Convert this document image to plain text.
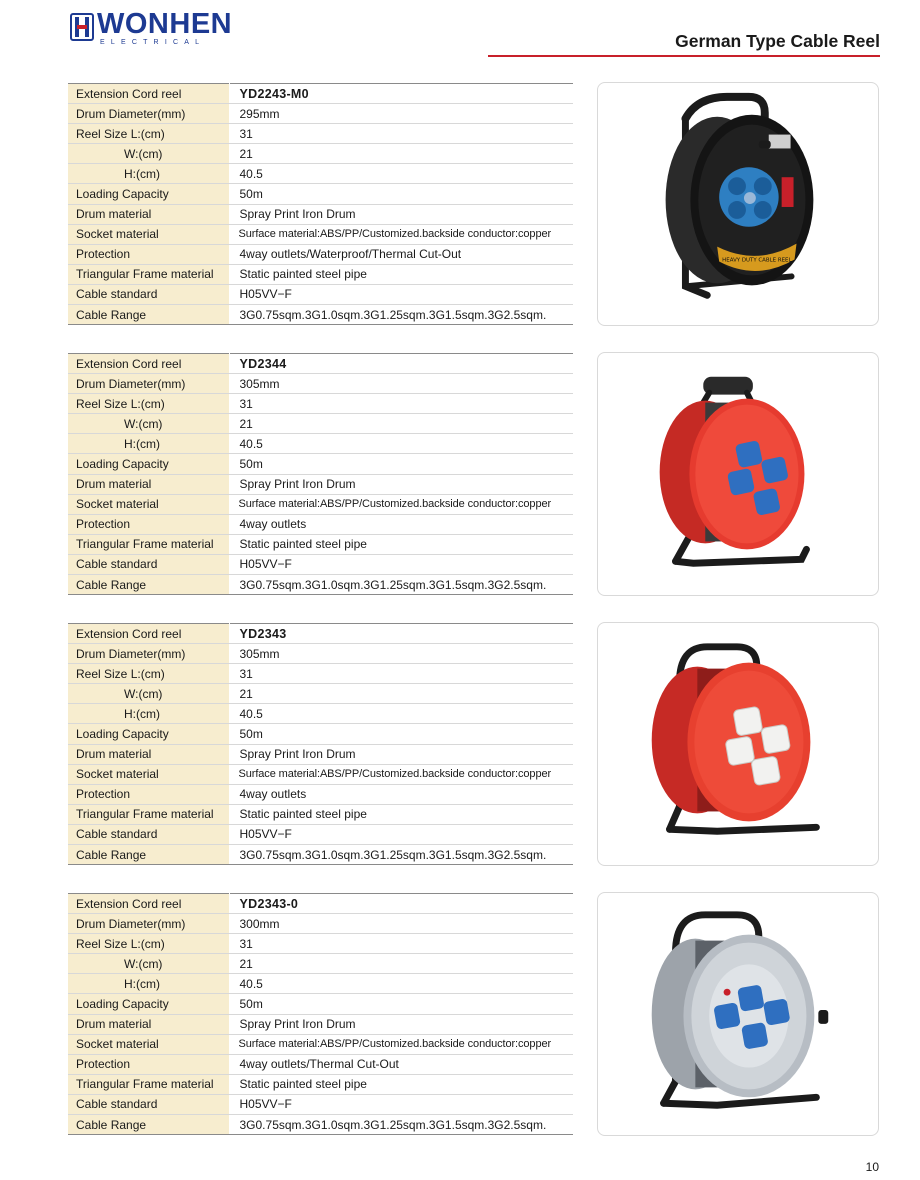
WONHEN
ELECTRICAL	German Type Cable Reel
Extension Cord reel	YD2243-M0
Drum Diameter(mm)	295mm
Reel Size L:(cm)	31
W:(cm)	21
H:(cm)	40.5
Loading Capacity	50m
Drum material	Spray Print Iron Drum
Socket material	Surface material:ABS/PP/Customized.backside conductor:copper
Protection	4way outlets/Waterproof/Thermal Cut-Out
Triangular Frame material	Static painted steel pipe
Cable standard	H05VV−F
Cable Range	3G0.75sqm.3G1.0sqm.3G1.25sqm.3G1.5sqm.3G2.5sqm.
HEAVY DUTY CABLE REEL
Extension Cord reel	YD2344
Drum Diameter(mm)	305mm
Reel Size L:(cm)	31
W:(cm)	21
H:(cm)	40.5
Loading Capacity	50m
Drum material	Spray Print Iron Drum
Socket material	Surface material:ABS/PP/Customized.backside conductor:copper
Protection	4way outlets
Triangular Frame material	Static painted steel pipe
Cable standard	H05VV−F
Cable Range	3G0.75sqm.3G1.0sqm.3G1.25sqm.3G1.5sqm.3G2.5sqm.
Extension Cord reel	YD2343
Drum Diameter(mm)	305mm
Reel Size L:(cm)	31
W:(cm)	21
H:(cm)	40.5
Loading Capacity	50m
Drum material	Spray Print Iron Drum
Socket material	Surface material:ABS/PP/Customized.backside conductor:copper
Protection	4way outlets
Triangular Frame material	Static painted steel pipe
Cable standard	H05VV−F
Cable Range	3G0.75sqm.3G1.0sqm.3G1.25sqm.3G1.5sqm.3G2.5sqm.
Extension Cord reel	YD2343-0
Drum Diameter(mm)	300mm
Reel Size L:(cm)	31
W:(cm)	21
H:(cm)	40.5
Loading Capacity	50m
Drum material	Spray Print Iron Drum
Socket material	Surface material:ABS/PP/Customized.backside conductor:copper
Protection	4way outlets/Thermal Cut-Out
Triangular Frame material	Static painted steel pipe
Cable standard	H05VV−F
Cable Range	3G0.75sqm.3G1.0sqm.3G1.25sqm.3G1.5sqm.3G2.5sqm.
10
